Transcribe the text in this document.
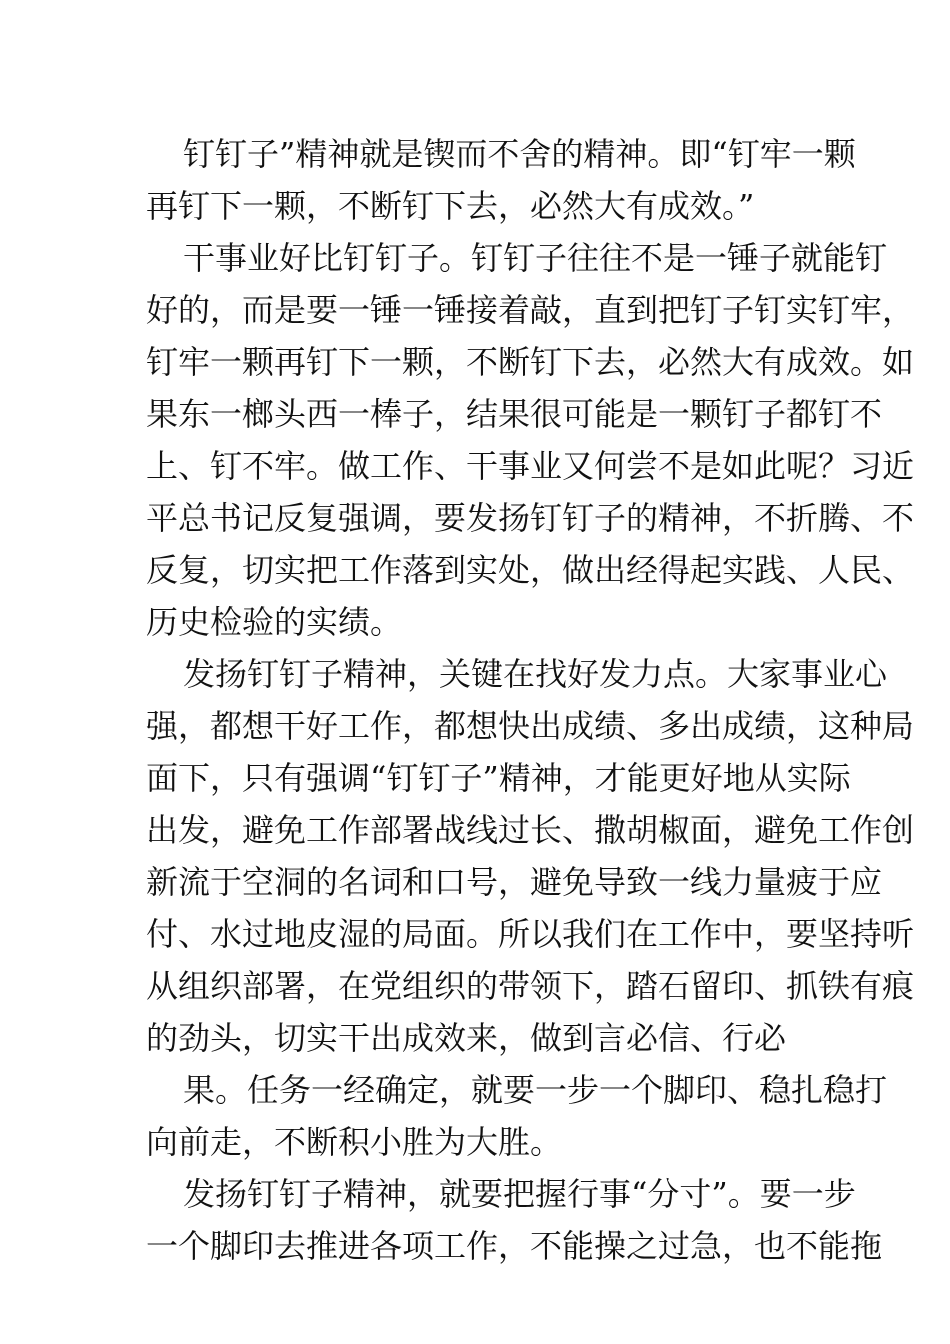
钉钉子”精神就是锲而不舍的精神。即“钉牢一颗
再钉下一颗，不断钉下去，必然大有成效。”
干事业好比钉钉子。钉钉子往往不是一锤子就能钉
好的，而是要一锤一锤接着敲，直到把钉子钉实钉牢，
钉牢一颗再钉下一颗，不断钉下去，必然大有成效。如
果东一榔头西一棒子，结果很可能是一颗钉子都钉不
上、钉不牢。做工作、干事业又何尝不是如此呢？习近
平总书记反复强调，要发扬钉钉子的精神，不折腾、不
反复，切实把工作落到实处，做出经得起实践、人民、
历史检验的实绩。
发扬钉钉子精神，关键在找好发力点。大家事业心
强，都想干好工作，都想快出成绩、多出成绩，这种局
面下，只有强调“钉钉子”精神，才能更好地从实际
出发，避免工作部署战线过长、撒胡椒面，避免工作创
新流于空洞的名词和口号，避免导致一线力量疲于应
付、水过地皮湿的局面。所以我们在工作中，要坚持听
从组织部署，在党组织的带领下，踏石留印、抓铁有痕
的劲头，切实干出成效来，做到言必信、行必
果。任务一经确定，就要一步一个脚印、稳扎稳打
向前走，不断积小胜为大胜。
发扬钉钉子精神，就要把握行事“分寸”。要一步
一个脚印去推进各项工作，不能操之过急，也不能拖
